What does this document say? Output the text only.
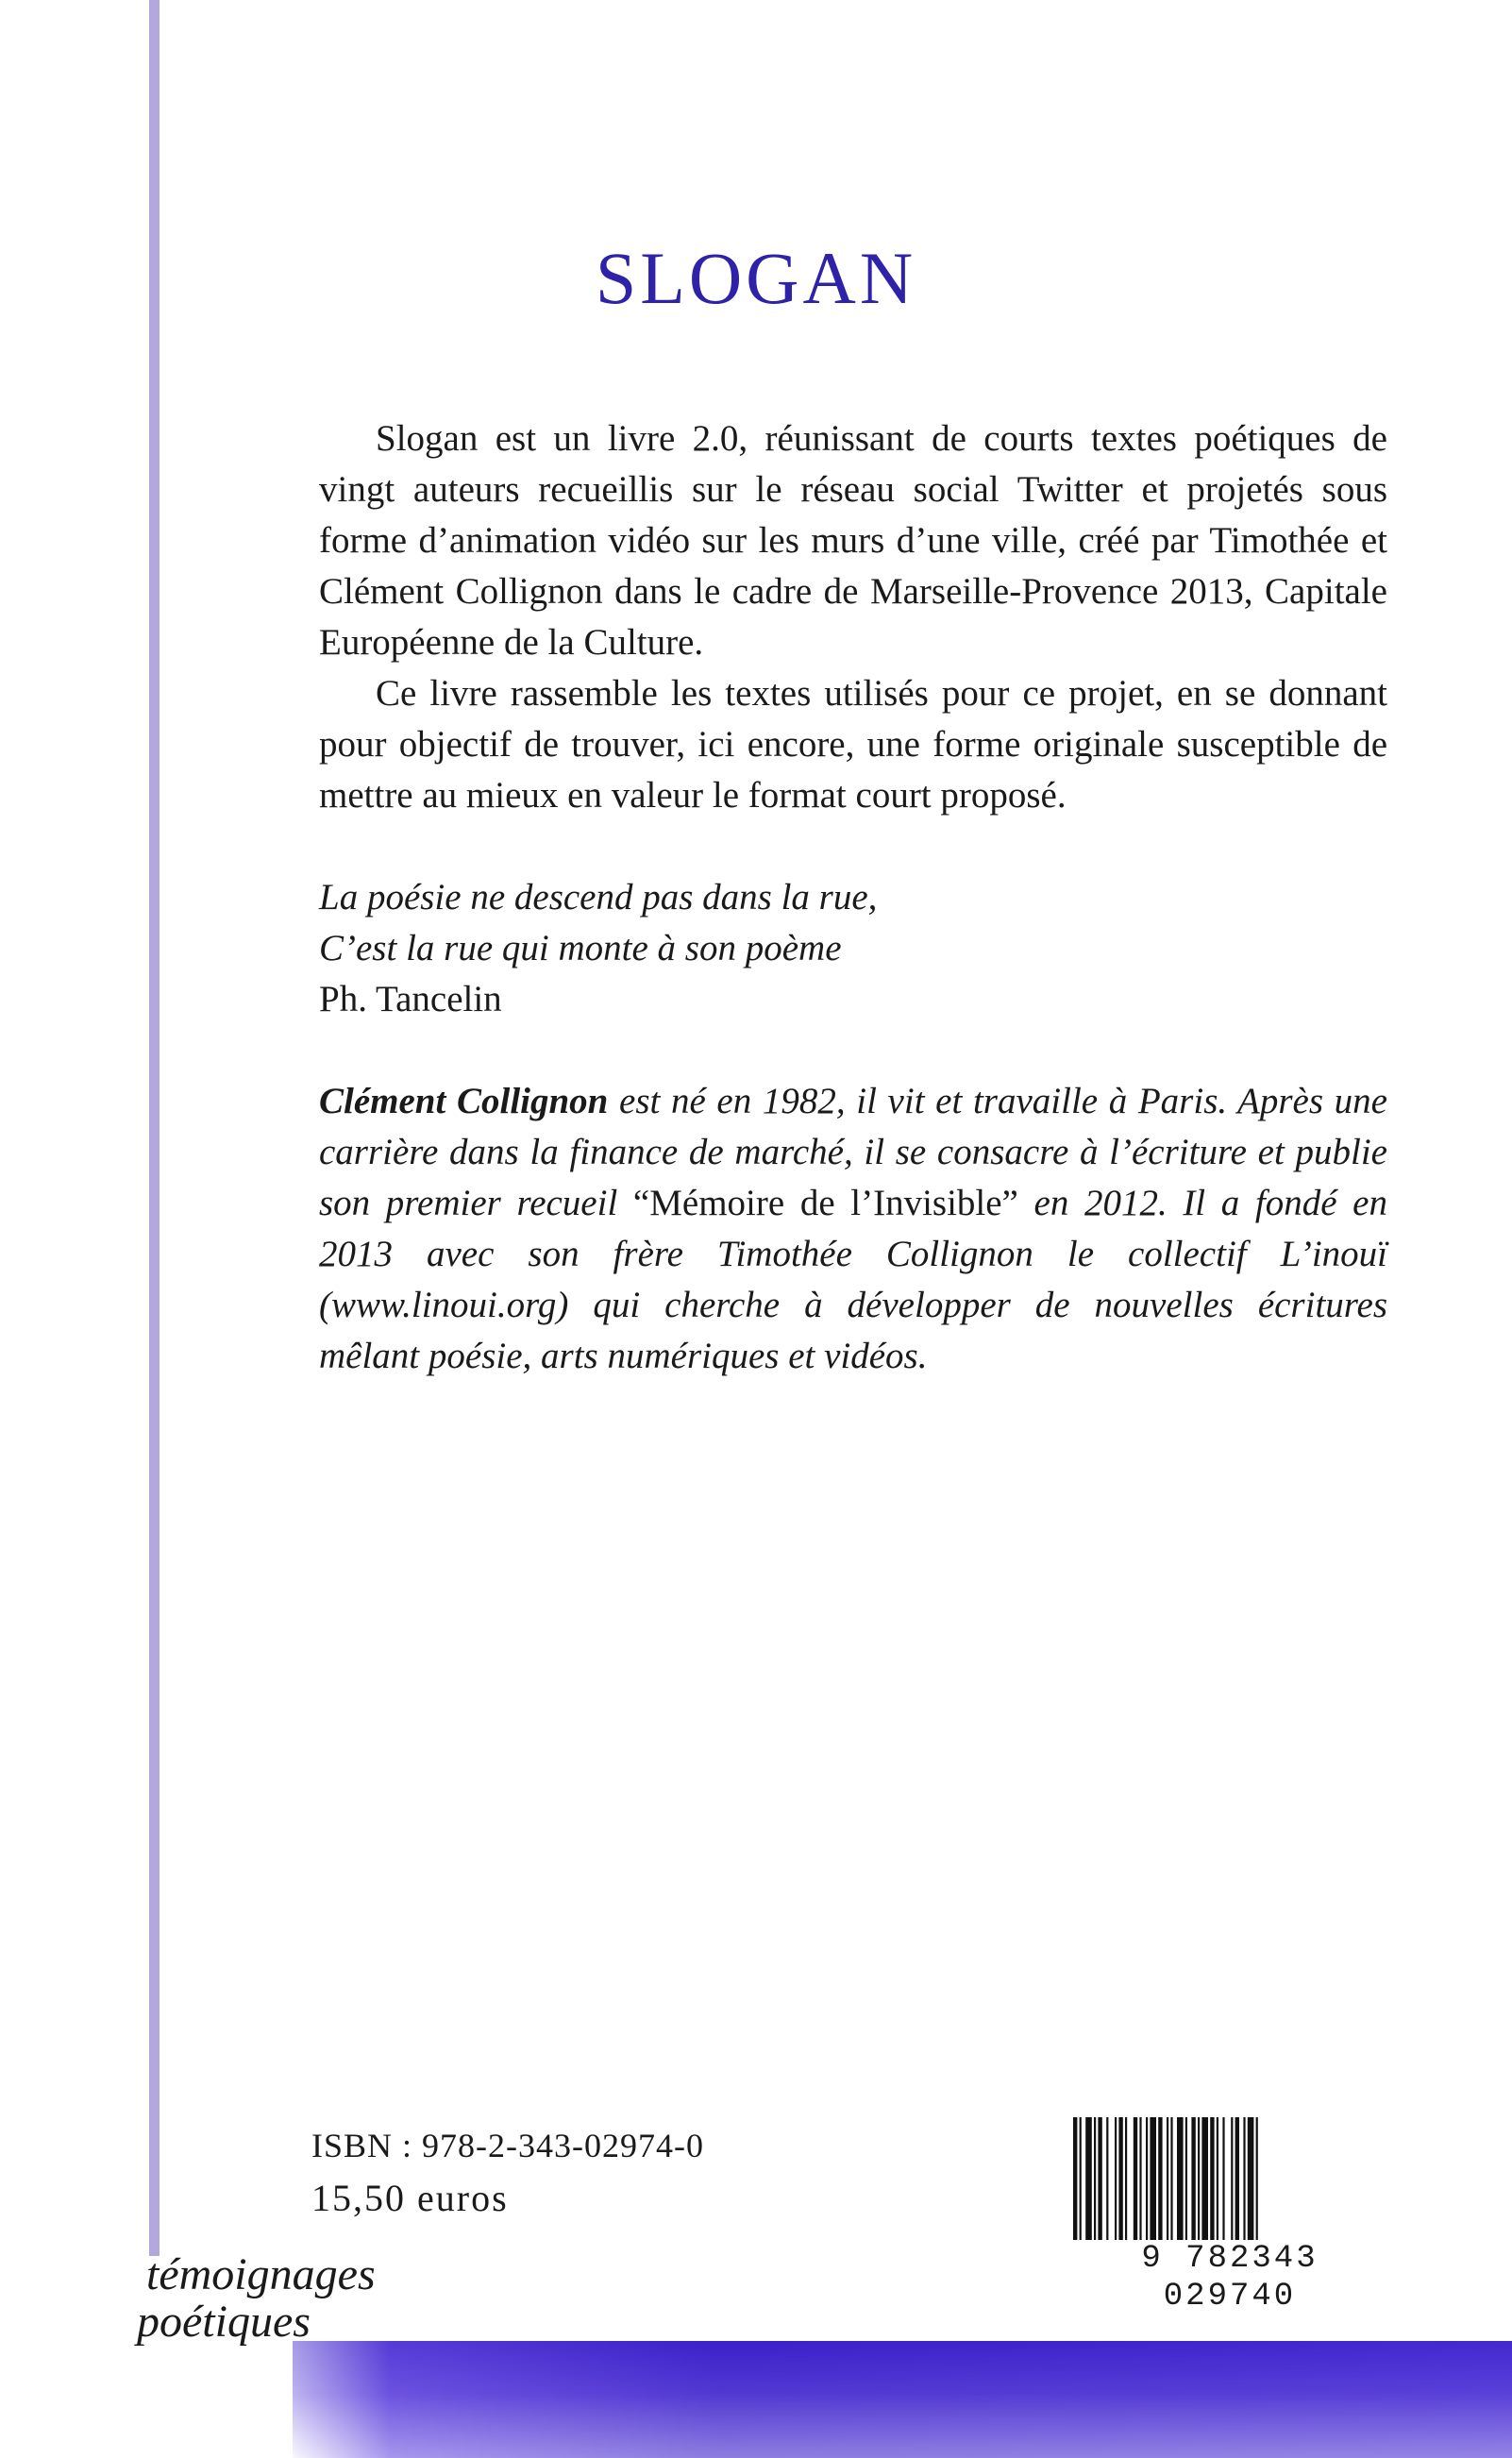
SLOGAN

Slogan est un livre 2.0, réunissant de courts textes poétiques de vingt auteurs recueillis sur le réseau social Twitter et projetés sous forme d’animation vidéo sur les murs d’une ville, créé par Timothée et Clément Collignon dans le cadre de Marseille-Provence 2013, Capitale Européenne de la Culture.

Ce livre rassemble les textes utilisés pour ce projet, en se donnant pour objectif de trouver, ici encore, une forme originale susceptible de mettre au mieux en valeur le format court proposé.

La poésie ne descend pas dans la rue,
C’est la rue qui monte à son poème
Ph. Tancelin

Clément Collignon est né en 1982, il vit et travaille à Paris. Après une carrière dans la finance de marché, il se consacre à l’écriture et publie son premier recueil “Mémoire de l’Invisible” en 2012. Il a fondé en 2013 avec son frère Timothée Collignon le collectif L’inouï (www.linoui.org) qui cherche à développer de nouvelles écritures mêlant poésie, arts numériques et vidéos.

ISBN : 978-2-343-02974-0
15,50 euros
9 782343 029740
témoignages
poétiques
